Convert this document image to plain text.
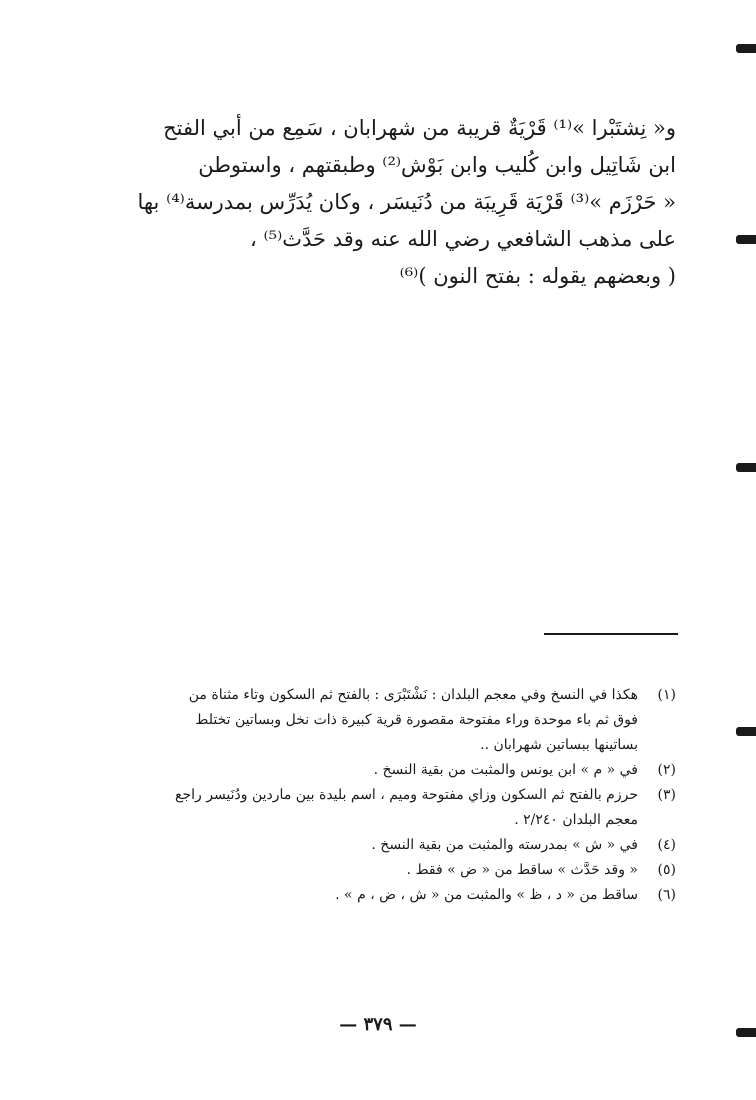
و« نِشتَبْرا »⁽¹⁾ قَرْيَةٌ قريبة من شهرابان ، سَمِع من أبي الفتح
ابن شَاتِيل وابن كُليب وابن بَوْش⁽²⁾ وطبقتهم ، واستوطن
« حَرْزَم »⁽³⁾ قَرْيَة قَرِيبَة من دُنَيسَر ، وكان يُدَرِّس بمدرسة⁽⁴⁾ بها
على مذهب الشافعي رضي الله عنه وقد حَدَّث⁽⁵⁾ ،
( وبعضهم يقوله : بفتح النون )⁽⁶⁾
(١)
هكذا في النسخ وفي معجم البلدان : نَشْتَبْرَى : بالفتح ثم السكون وتاء مثناة من
فوق ثم باء موحدة وراء مفتوحة مقصورة قرية كبيرة ذات نخل وبساتين تختلط
بساتينها ببساتين شهرابان ..
(٢)
في « م » ابن يونس والمثبت من بقية النسخ .
(٣)
حرزم بالفتح ثم السكون وزاي مفتوحة وميم ، اسم بليدة بين ماردين ودُنَيسر راجع
معجم البلدان ٢/٢٤٠ .
(٤)
في « ش » بمدرسته والمثبت من بقية النسخ .
(٥)
« وقد حَدَّث » ساقط من « ض » فقط .
(٦)
ساقط من « د ، ظ » والمثبت من « ش ، ض ، م » .
— ٣٧٩ —
